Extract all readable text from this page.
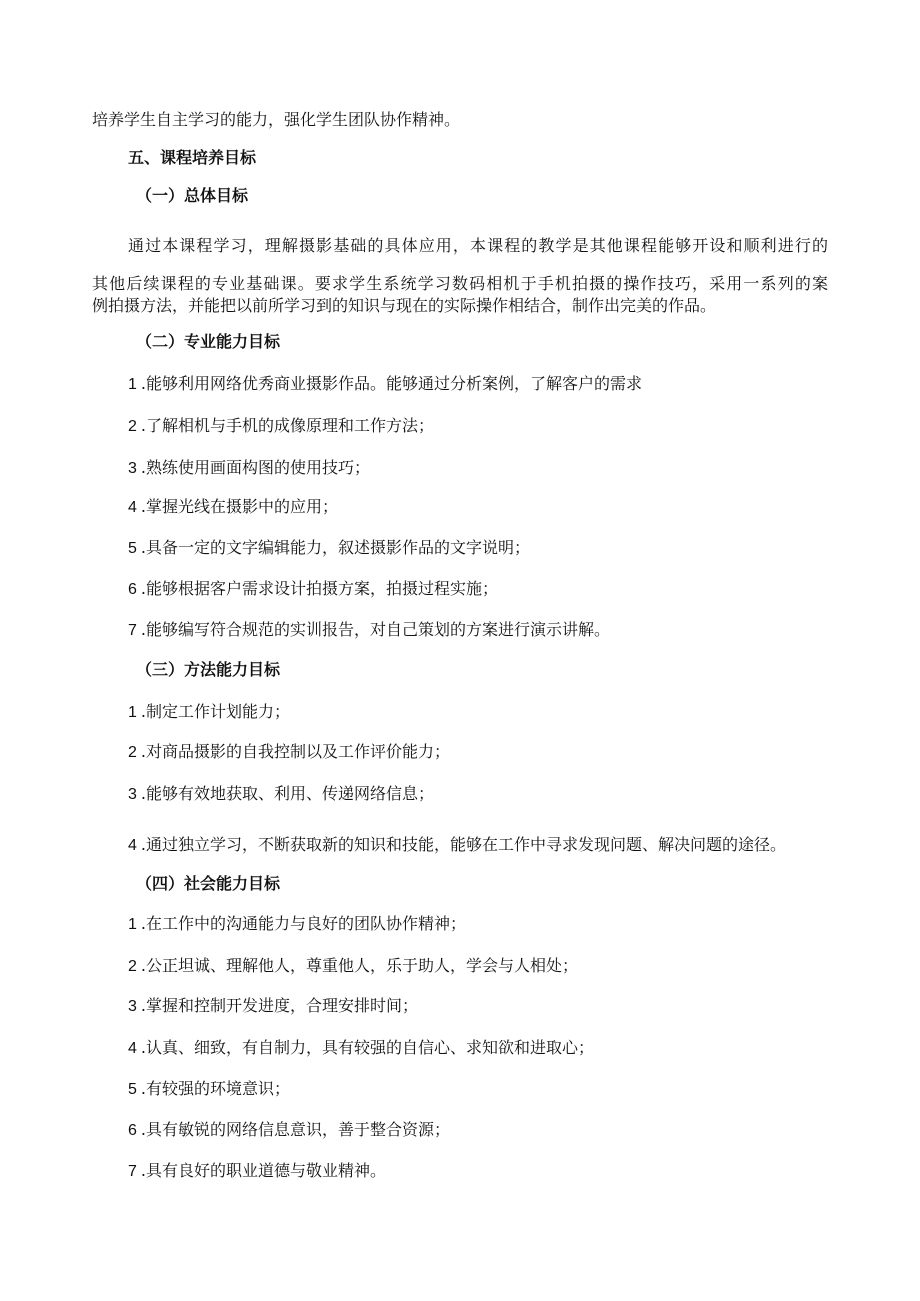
培养学生自主学习的能力，强化学生团队协作精神。

五、课程培养目标

（一）总体目标

通过本课程学习，理解摄影基础的具体应用，本课程的教学是其他课程能够开设和顺利进行的

其他后续课程的专业基础课。要求学生系统学习数码相机于手机拍摄的操作技巧，采用一系列的案

例拍摄方法，并能把以前所学习到的知识与现在的实际操作相结合，制作出完美的作品。

（二）专业能力目标

1 .能够利用网络优秀商业摄影作品。能够通过分析案例，了解客户的需求

2 .了解相机与手机的成像原理和工作方法；

3 .熟练使用画面构图的使用技巧；

4 .掌握光线在摄影中的应用；

5 .具备一定的文字编辑能力，叙述摄影作品的文字说明；

6 .能够根据客户需求设计拍摄方案，拍摄过程实施；

7 .能够编写符合规范的实训报告，对自己策划的方案进行演示讲解。

（三）方法能力目标

1 .制定工作计划能力；

2 .对商品摄影的自我控制以及工作评价能力；

3 .能够有效地获取、利用、传递网络信息；

4 .通过独立学习，不断获取新的知识和技能，能够在工作中寻求发现问题、解决问题的途径。

（四）社会能力目标

1 .在工作中的沟通能力与良好的团队协作精神；

2 .公正坦诚、理解他人，尊重他人，乐于助人，学会与人相处；

3 .掌握和控制开发进度，合理安排时间；

4 .认真、细致，有自制力，具有较强的自信心、求知欲和进取心；

5 .有较强的环境意识；

6 .具有敏锐的网络信息意识，善于整合资源；

7 .具有良好的职业道德与敬业精神。
